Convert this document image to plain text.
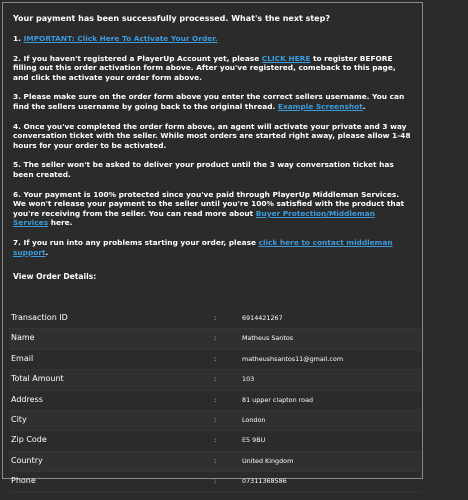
Your payment has been successfully processed. What's the next step?

1. IMPORTANT: Click Here To Activate Your Order.

2. If you haven't registered a PlayerUp Account yet, please CLICK HERE to register BEFORE filling out this order activation form above. After you've registered, comeback to this page, and click the activate your order form above.

3. Please make sure on the order form above you enter the correct sellers username. You can find the sellers username by going back to the original thread. Example Screenshot.

4. Once you've completed the order form above, an agent will activate your private and 3 way conversation ticket with the seller. While most orders are started right away, please allow 1-48 hours for your order to be activated.

5. The seller won't be asked to deliver your product until the 3 way conversation ticket has been created.

6. Your payment is 100% protected since you've paid through PlayerUp Middleman Services. We won't release your payment to the seller until you're 100% satisfied with the product that you're receiving from the seller. You can read more about Buyer Protection/Middleman Services here.

7. If you run into any problems starting your order, please click here to contact middleman support.

View Order Details:

Transaction ID	:	6914421267
Name	:	Matheus Santos
Email	:	matheushsantos11@gmail.com
Total Amount	:	103
Address	:	81 upper clapton road
City	:	London
Zip Code	:	E5 9BU
Country	:	United Kingdom
Phone	:	07311368586
